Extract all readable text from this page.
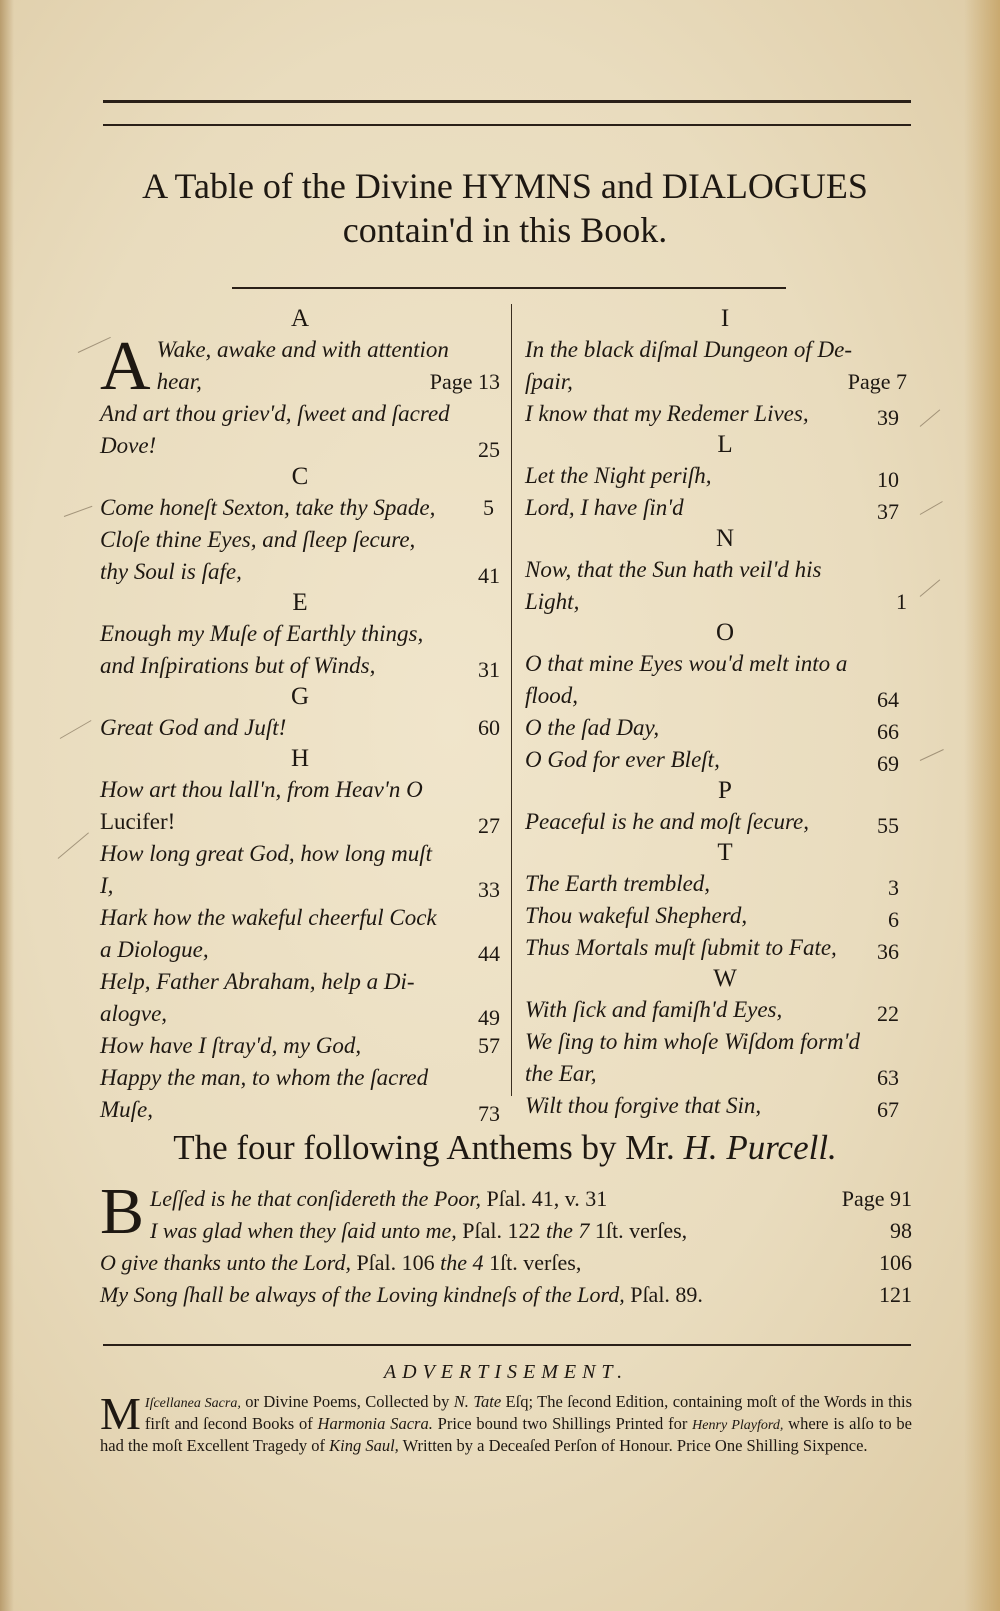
A Table of the Divine HYMNS and DIALOGUES
contain'd in this Book.
A
A Wake, awake and with attention
hear,	Page 13
And art thou griev'd, ſweet and ſacred
Dove!	25
C
Come honeſt Sexton, take thy Spade,	5
Cloſe thine Eyes, and ſleep ſecure,
thy Soul is ſafe,	41
E
Enough my Muſe of Earthly things,
and Inſpirations but of Winds,	31
G
Great God and Juſt!	60
H
How art thou lall'n, from Heav'n O
Lucifer!	27
How long great God, how long muſt
I,	33
Hark how the wakeful cheerful Cock
a Diologue,	44
Help, Father Abraham, help a Di-
alogve,	49
How have I ſtray'd, my God,	57
Happy the man, to whom the ſacred
Muſe,	73
I
In the black diſmal Dungeon of De-
ſpair,	Page 7
I know that my Redemer Lives,	39
L
Let the Night periſh,	10
Lord, I have ſin'd	37
N
Now, that the Sun hath veil'd his
Light,	1
O
O that mine Eyes wou'd melt into a
flood,	64
O the ſad Day,	66
O God for ever Bleſt,	69
P
Peaceful is he and moſt ſecure,	55
T
The Earth trembled,	3
Thou wakeful Shepherd,	6
Thus Mortals muſt ſubmit to Fate,	36
W
With ſick and famiſh'd Eyes,	22
We ſing to him whoſe Wiſdom form'd
the Ear,	63
Wilt thou forgive that Sin,	67
The four following Anthems by Mr. H. Purcell.
B Leſſed is he that conſidereth the Poor, Pſal. 41, v. 31	Page 91
I was glad when they ſaid unto me, Pſal. 122 the 7 1ſt. verſes,	98
O give thanks unto the Lord, Pſal. 106 the 4 1ſt. verſes,	106
My Song ſhall be always of the Loving kindneſs of the Lord, Pſal. 89.	121
ADVERTISEMENT.
M Iſcellanea Sacra, or Divine Poems, Collected by N. Tate Eſq; The ſecond Edition, containing moſt of the Words in this firſt and ſecond Books of Harmonia Sacra. Price bound two Shillings Printed for Henry Playford, where is alſo to be had the moſt Excellent Tragedy of King Saul, Written by a Deceaſed Perſon of Honour. Price One Shilling Sixpence.
